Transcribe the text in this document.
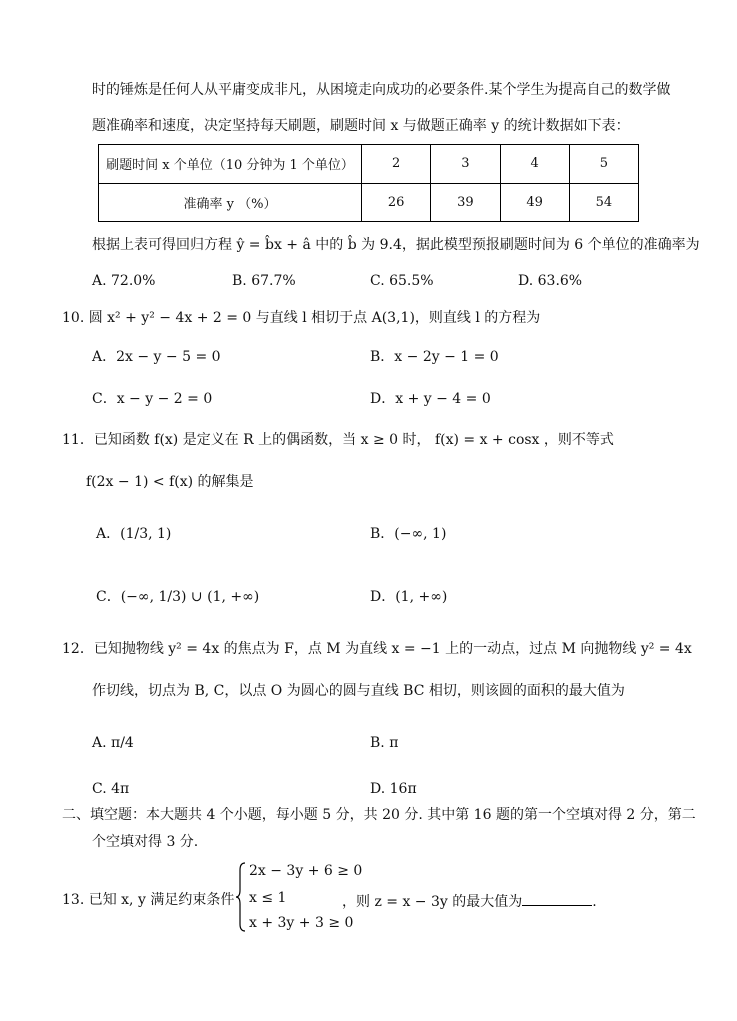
时的锤炼是任何人从平庸变成非凡，从困境走向成功的必要条件.某个学生为提高自己的数学做
题准确率和速度，决定坚持每天刷题，刷题时间 x 与做题正确率 y 的统计数据如下表：
刷题时间 x 个单位（10 分钟为 1 个单位）	2	3	4	5
准确率 y （%）	26	39	49	54
根据上表可得回归方程 ŷ = b̂x + â 中的 b̂ 为 9.4，据此模型预报刷题时间为 6 个单位的准确率为
A. 72.0%	B. 67.7%	C. 65.5%	D. 63.6%
10. 圆 x² + y² − 4x + 2 = 0 与直线 l 相切于点 A(3,1)，则直线 l 的方程为
A．2x − y − 5 = 0	B．x − 2y − 1 = 0
C．x − y − 2 = 0	D．x + y − 4 = 0
11．已知函数 f(x) 是定义在 R 上的偶函数，当 x ≥ 0 时， f(x) = x + cosx ，则不等式
f(2x − 1) < f(x) 的解集是
A．(1/3, 1)	B．(−∞, 1)
C．(−∞, 1/3) ∪ (1, +∞)	D．(1, +∞)
12．已知抛物线 y² = 4x 的焦点为 F，点 M 为直线 x = −1 上的一动点，过点 M 向抛物线 y² = 4x
作切线，切点为 B, C，以点 O 为圆心的圆与直线 BC 相切，则该圆的面积的最大值为
A. π/4	B. π
C. 4π	D. 16π
二、填空题：本大题共 4 个小题，每小题 5 分，共 20 分. 其中第 16 题的第一个空填对得 2 分，第二
个空填对得 3 分.
13. 已知 x, y 满足约束条件
2x − 3y + 6 ≥ 0
x ≤ 1
x + 3y + 3 ≥ 0
，则 z = x − 3y 的最大值为	.
